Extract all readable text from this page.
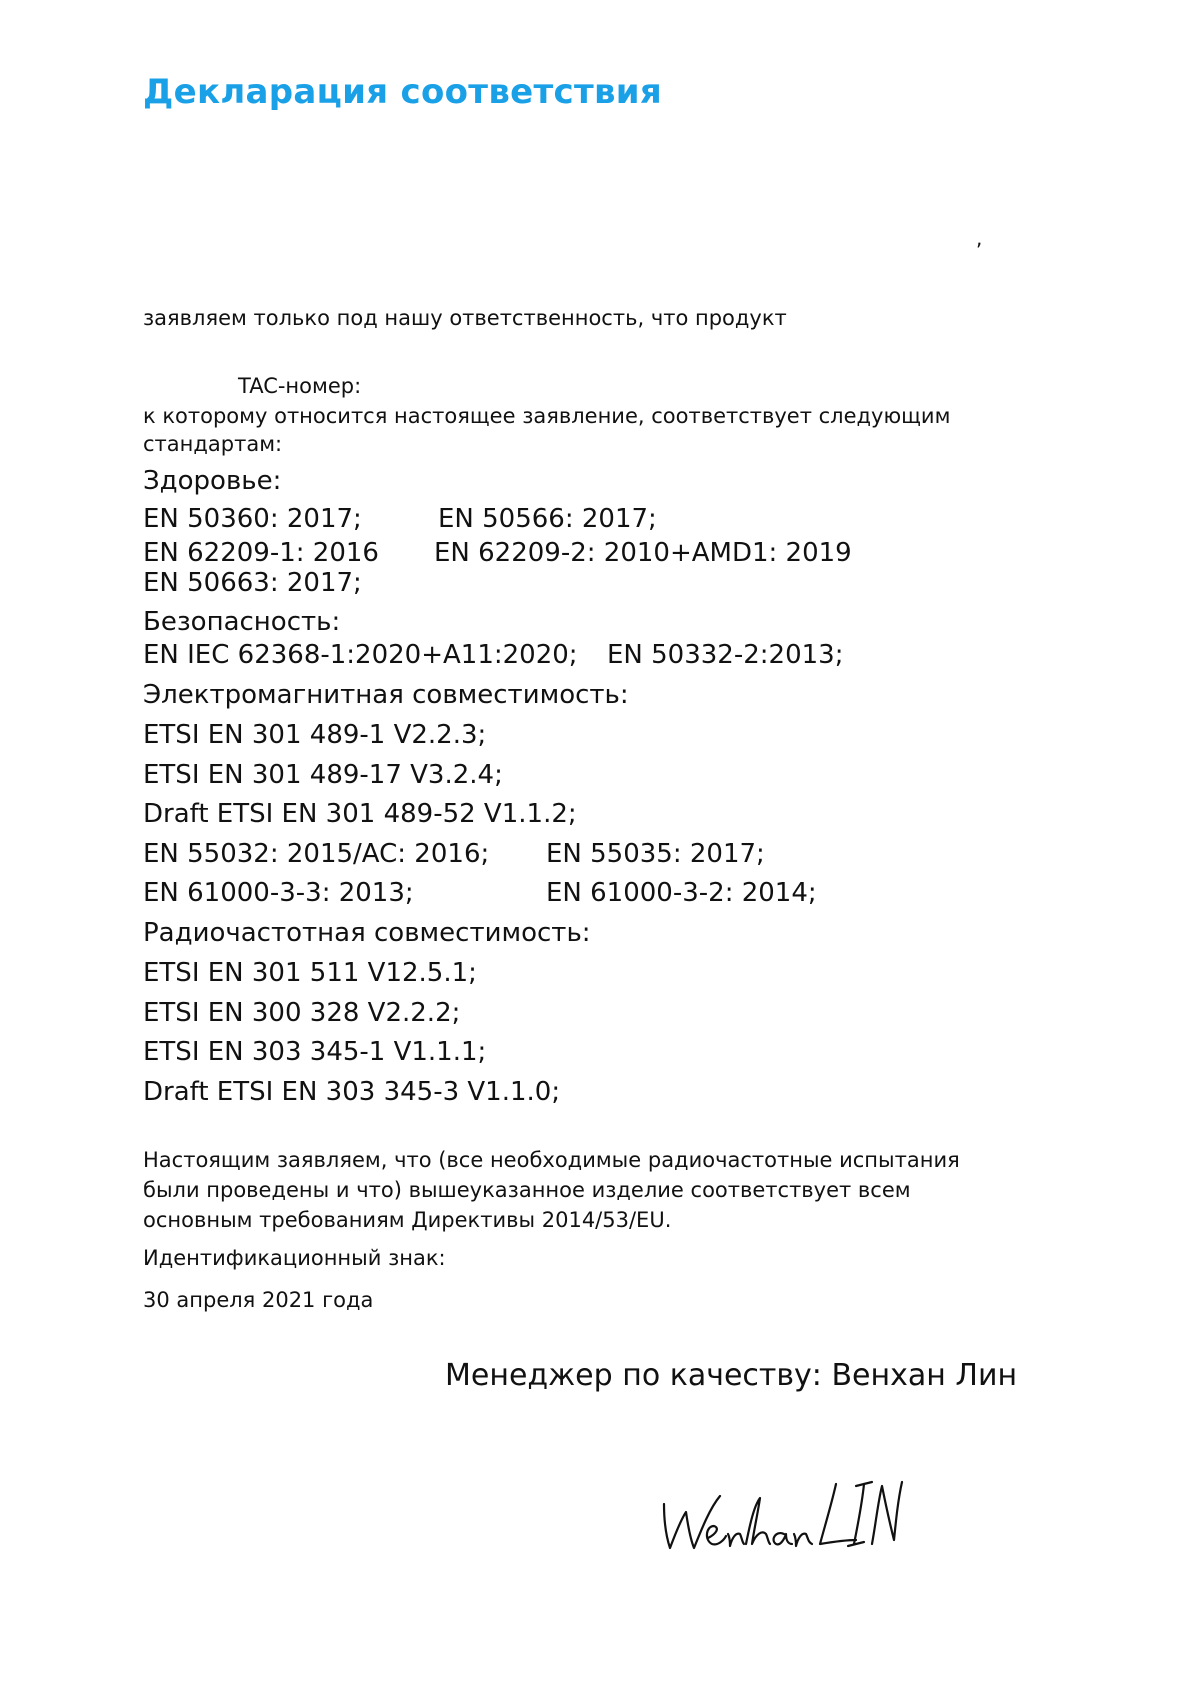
Декларация соответствия
,
заявляем только под нашу ответственность, что продукт
TAC-номер:
к которому относится настоящее заявление, соответствует следующим
стандартам:
Здоровье:
EN 50360: 2017;	EN 50566: 2017;
EN 62209-1: 2016 EN 62209-2: 2010+AMD1: 2019
EN 50663: 2017;
Безопасность:
EN IEC 62368-1:2020+A11:2020; EN 50332-2:2013;
Электромагнитная совместимость:
ETSI EN 301 489-1 V2.2.3;
ETSI EN 301 489-17 V3.2.4;
Draft ETSI EN 301 489-52 V1.1.2;
EN 55032: 2015/AC: 2016; EN 55035: 2017;
EN 61000-3-3: 2013;	EN 61000-3-2: 2014;
Радиочастотная совместимость:
ETSI EN 301 511 V12.5.1;
ETSI EN 300 328 V2.2.2;
ETSI EN 303 345-1 V1.1.1;
Draft ETSI EN 303 345-3 V1.1.0;
Настоящим заявляем, что (все необходимые радиочастотные испытания
были проведены и что) вышеуказанное изделие соответствует всем
основным требованиям Директивы 2014/53/EU.
Идентификационный знак:
30 апреля 2021 года
Менеджер по качеству: Венхан Лин
